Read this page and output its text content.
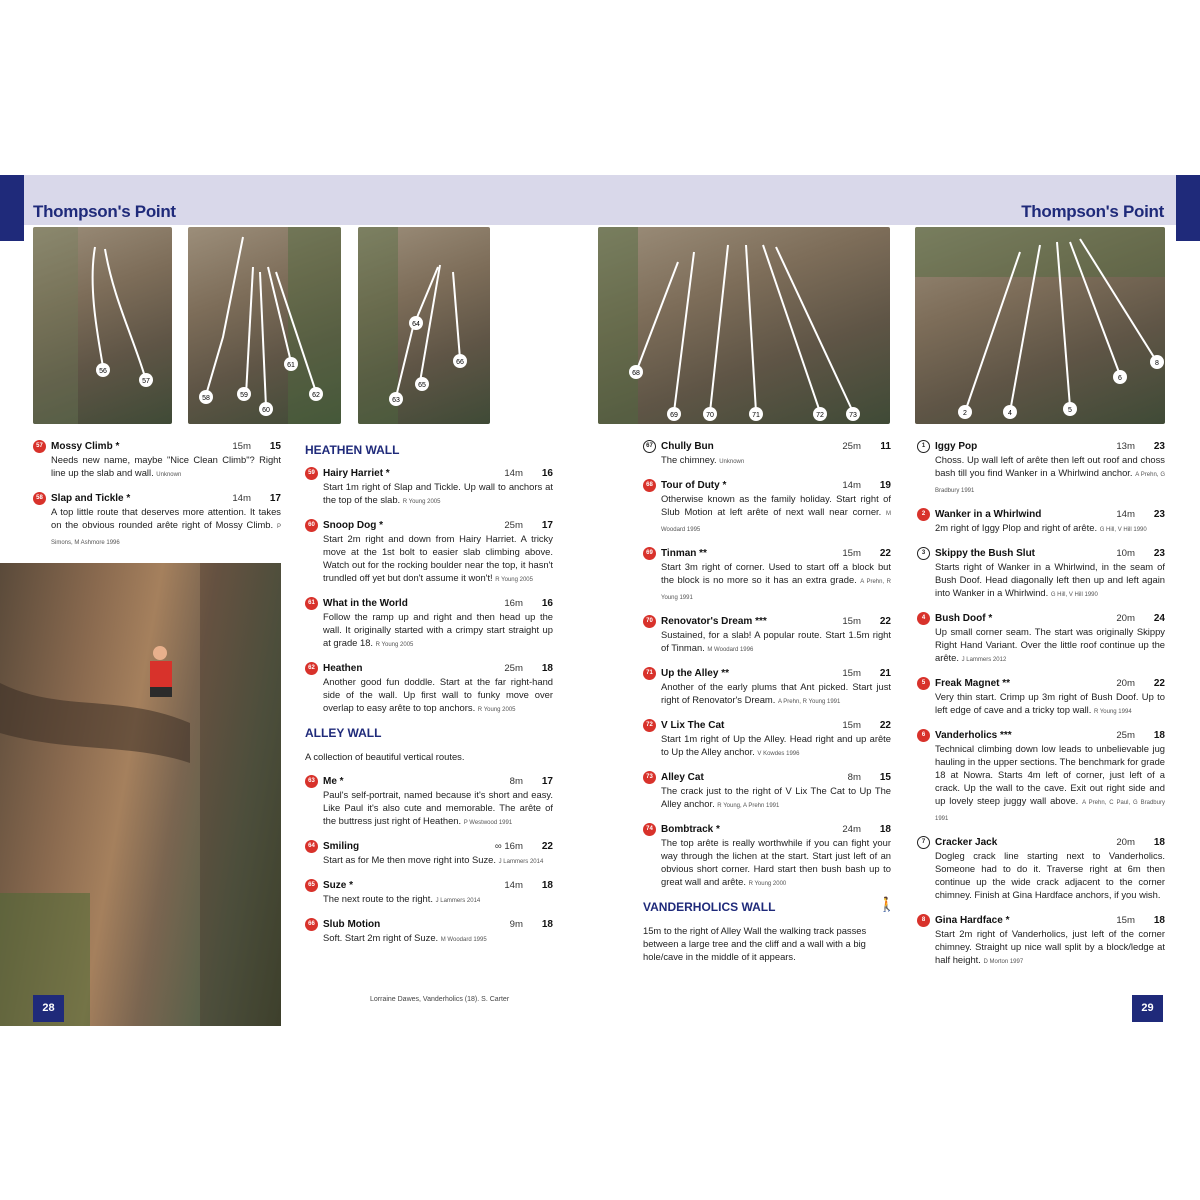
Thompson's Point	Thompson's Point
56
57
58	59
60
61
62
63
64
65
66
68
69	70	71	72	73	2	4	5
6
8
57 Mossy Climb *	15m	15
Needs new name, maybe "Nice Clean Climb"? Right line up the slab and wall. Unknown
58 Slap and Tickle *	14m	17
A top little route that deserves more attention. It takes on the obvious rounded arête right of Mossy Climb. P Simons, M Ashmore 1996
HEATHEN WALL
59 Hairy Harriet *	14m	16
Start 1m right of Slap and Tickle. Up wall to anchors at the top of the slab. R Young 2005
60 Snoop Dog *	25m	17
Start 2m right and down from Hairy Harriet. A tricky move at the 1st bolt to easier slab climbing above. Watch out for the rocking boulder near the top, it hasn't trundled off yet but don't assume it won't! R Young 2005
61 What in the World	16m	16
Follow the ramp up and right and then head up the wall. It originally started with a crimpy start straight up at grade 18. R Young 2005
62 Heathen	25m	18
Another good fun doddle. Start at the far right-hand side of the wall. Up first wall to funky move over overlap to easy arête to top anchors. R Young 2005
ALLEY WALL
A collection of beautiful vertical routes.
63 Me *	8m	17
Paul's self-portrait, named because it's short and easy. Like Paul it's also cute and memorable. The arête of the buttress just right of Heathen. P Westwood 1991
64 Smiling	∞ 16m	22
Start as for Me then move right into Suze. J Lammers 2014
65 Suze *	14m	18
The next route to the right. J Lammers 2014
66 Slub Motion	9m	18
Soft. Start 2m right of Suze. M Woodard 1995
67 Chully Bun	25m	11
The chimney. Unknown
68 Tour of Duty *	14m	19
Otherwise known as the family holiday. Start right of Slub Motion at left arête of next wall near corner. M Woodard 1995
69 Tinman **	15m	22
Start 3m right of corner. Used to start off a block but the block is no more so it has an extra grade. A Prehn, R Young 1991
70 Renovator's Dream ***	15m	22
Sustained, for a slab! A popular route. Start 1.5m right of Tinman. M Woodard 1996
71 Up the Alley **	15m	21
Another of the early plums that Ant picked. Start just right of Renovator's Dream. A Prehn, R Young 1991
72 V Lix The Cat	15m	22
Start 1m right of Up the Alley. Head right and up arête to Up the Alley anchor. V Kowdes 1996
73 Alley Cat	8m	15
The crack just to the right of V Lix The Cat to Up The Alley anchor. R Young, A Prehn 1991
74 Bombtrack *	24m	18
The top arête is really worthwhile if you can fight your way through the lichen at the start. Start just left of an obvious short corner. Hard start then bush bash up to great wall and arête. R Young 2000
VANDERHOLICS WALL
15m to the right of Alley Wall the walking track passes between a large tree and the cliff and a wall with a big hole/cave in the middle of it appears.
🚶
1 Iggy Pop	13m	23
Choss. Up wall left of arête then left out roof and choss bash till you find Wanker in a Whirlwind anchor. A Prehn, G Bradbury 1991
2 Wanker in a Whirlwind	14m	23
2m right of Iggy Plop and right of arête. G Hill, V Hill 1990
3 Skippy the Bush Slut	10m	23
Starts right of Wanker in a Whirlwind, in the seam of Bush Doof. Head diagonally left then up and left again into Wanker in a Whirlwind. G Hill, V Hill 1990
4 Bush Doof *	20m	24
Up small corner seam. The start was originally Skippy Right Hand Variant. Over the little roof continue up the arête. J Lammers 2012
5 Freak Magnet **	20m	22
Very thin start. Crimp up 3m right of Bush Doof. Up to left edge of cave and a tricky top wall. R Young 1994
6 Vanderholics ***	25m	18
Technical climbing down low leads to unbelievable jug hauling in the upper sections. The benchmark for grade 18 at Nowra. Starts 4m left of corner, just left of a crack. Up the wall to the cave. Exit out right side and up lovely steep juggy wall above. A Prehn, C Paul, G Bradbury 1991
7 Cracker Jack	20m	18
Dogleg crack line starting next to Vanderholics. Someone had to do it. Traverse right at 6m then continue up the wide crack adjacent to the corner chimney. Finish at Gina Hardface anchors, if you wish.
8 Gina Hardface *	15m	18
Start 2m right of Vanderholics, just left of the corner chimney. Straight up nice wall split by a block/ledge at half height. D Morton 1997
28	29
Lorraine Dawes, Vanderholics (18). S. Carter
